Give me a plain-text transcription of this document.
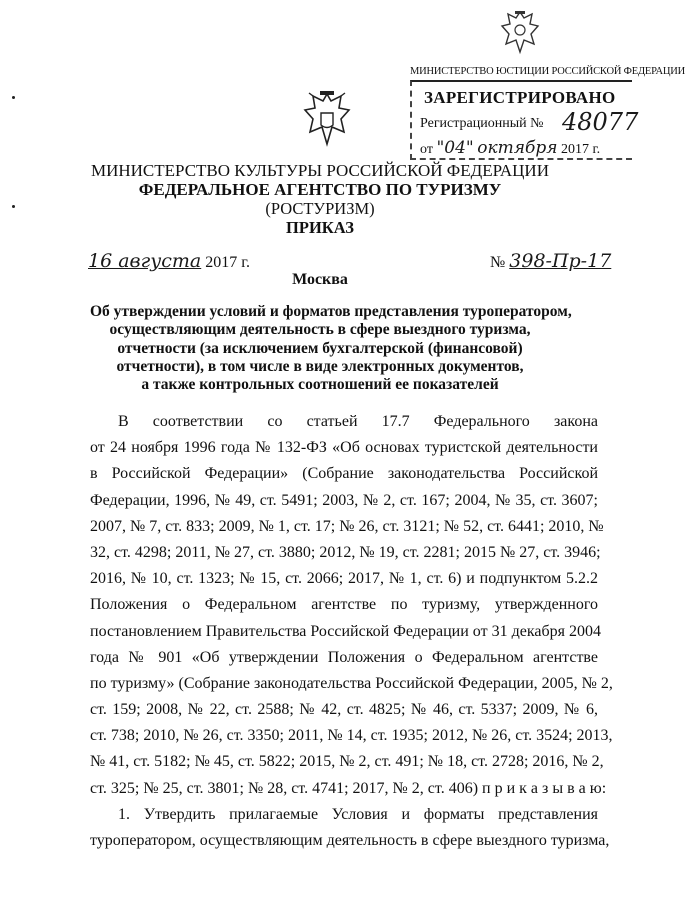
МИНИСТЕРСТВО ЮСТИЦИИ РОССИЙСКОЙ ФЕДЕРАЦИИ
ЗАРЕГИСТРИРОВАНО
Регистрационный № 48077
от "04" октября 2017 г.
МИНИСТЕРСТВО КУЛЬТУРЫ РОССИЙСКОЙ ФЕДЕРАЦИИ
ФЕДЕРАЛЬНОЕ АГЕНТСТВО ПО ТУРИЗМУ
(РОСТУРИЗМ)
ПРИКАЗ
16 августа 2017 г.	№ 398-Пр-17
Москва
Об утверждении условий и форматов представления туроператором,
осуществляющим деятельность в сфере выездного туризма,
отчетности (за исключением бухгалтерской (финансовой)
отчетности), в том числе в виде электронных документов,
а также контрольных соотношений ее показателей
В соответствии со статьей 17.7 Федерального закона
от 24 ноября 1996 года № 132-ФЗ «Об основах туристской деятельности
в Российской Федерации» (Собрание законодательства Российской
Федерации, 1996, № 49, ст. 5491; 2003, № 2, ст. 167; 2004, № 35, ст. 3607;
2007, № 7, ст. 833; 2009, № 1, ст. 17; № 26, ст. 3121; № 52, ст. 6441; 2010, №
32, ст. 4298; 2011, № 27, ст. 3880; 2012, № 19, ст. 2281; 2015 № 27, ст. 3946;
2016, № 10, ст. 1323; № 15, ст. 2066; 2017, № 1, ст. 6) и подпунктом 5.2.2
Положения о Федеральном агентстве по туризму, утвержденного
постановлением Правительства Российской Федерации от 31 декабря 2004
года № 901 «Об утверждении Положения о Федеральном агентстве
по туризму» (Собрание законодательства Российской Федерации, 2005, № 2,
ст. 159; 2008, № 22, ст. 2588; № 42, ст. 4825; № 46, ст. 5337; 2009, № 6,
ст. 738; 2010, № 26, ст. 3350; 2011, № 14, ст. 1935; 2012, № 26, ст. 3524; 2013,
№ 41, ст. 5182; № 45, ст. 5822; 2015, № 2, ст. 491; № 18, ст. 2728; 2016, № 2,
ст. 325; № 25, ст. 3801; № 28, ст. 4741; 2017, № 2, ст. 406) п р и к а з ы в а ю:
1. Утвердить прилагаемые Условия и форматы представления
туроператором, осуществляющим деятельность в сфере выездного туризма,
